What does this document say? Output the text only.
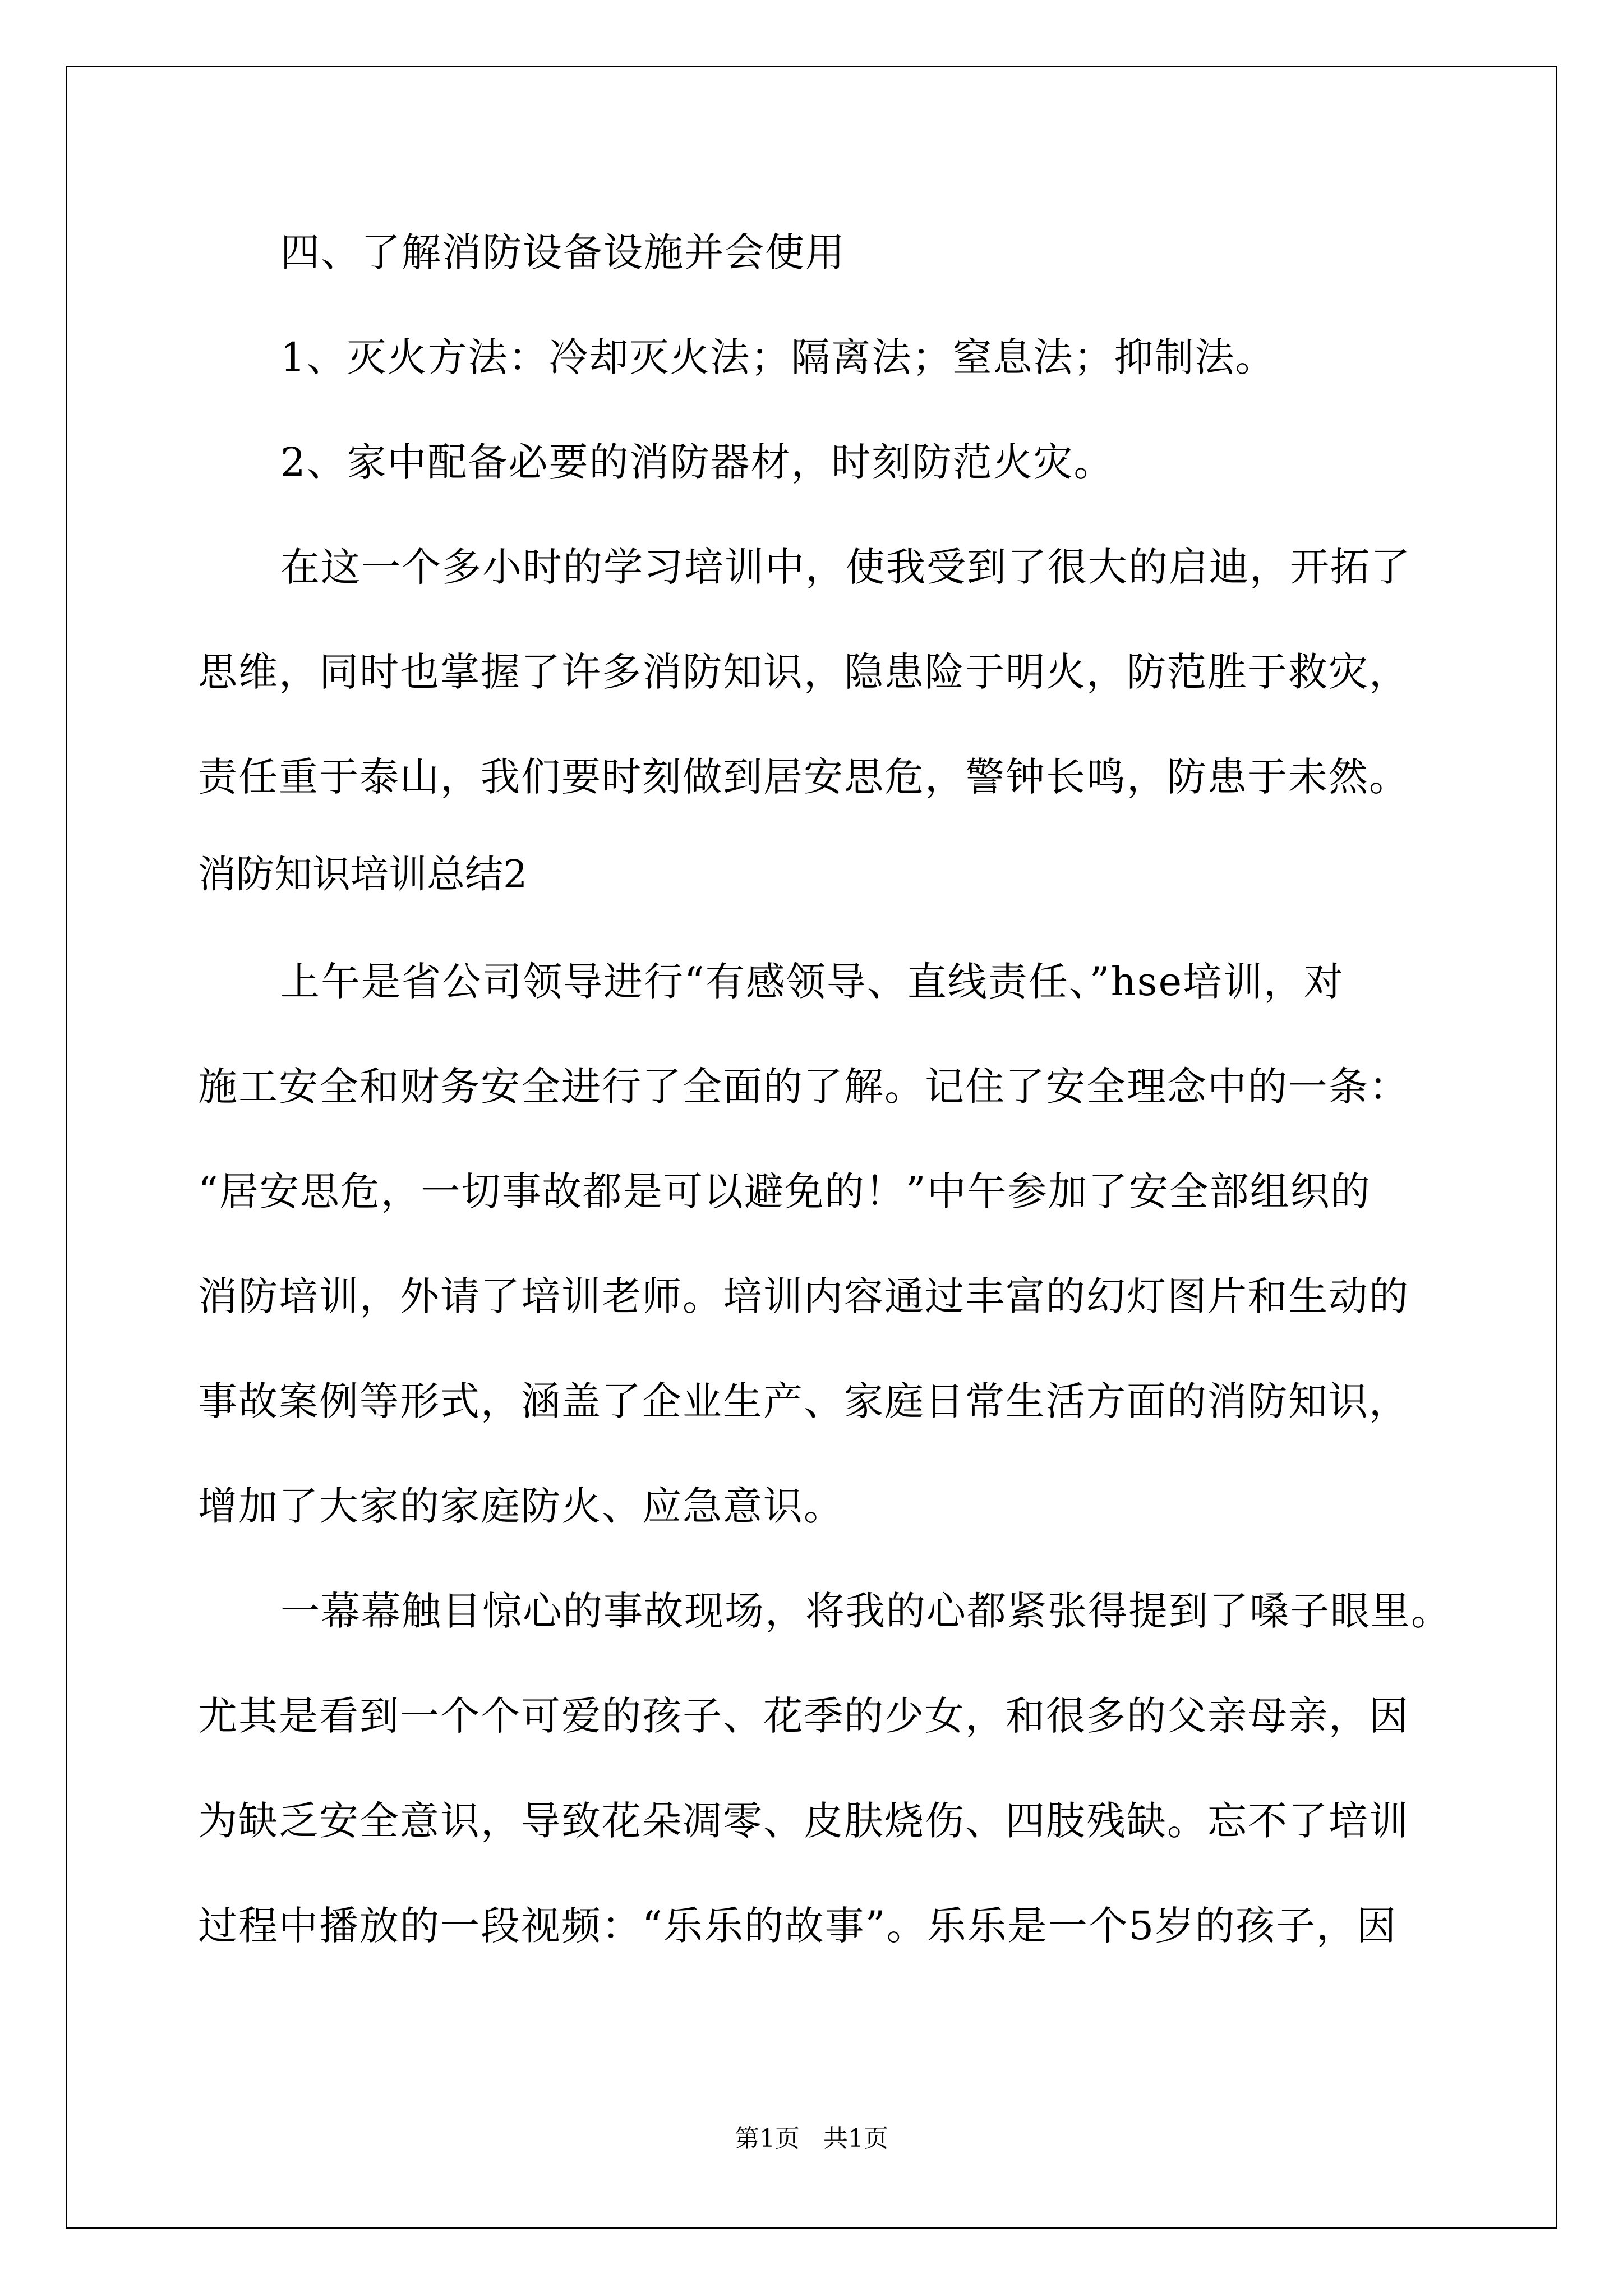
四、了解消防设备设施并会使用
1、灭火方法：冷却灭火法；隔离法；窒息法；抑制法。
2、家中配备必要的消防器材，时刻防范火灾。
在这一个多小时的学习培训中，使我受到了很大的启迪，开拓了
思维，同时也掌握了许多消防知识，隐患险于明火，防范胜于救灾，
责任重于泰山，我们要时刻做到居安思危，警钟长鸣，防患于未然。
消防知识培训总结2
上午是省公司领导进行“有感领导、直线责任、”hse培训，对
施工安全和财务安全进行了全面的了解。记住了安全理念中的一条：
“居安思危，一切事故都是可以避免的！”中午参加了安全部组织的
消防培训，外请了培训老师。培训内容通过丰富的幻灯图片和生动的
事故案例等形式，涵盖了企业生产、家庭日常生活方面的消防知识，
增加了大家的家庭防火、应急意识。
一幕幕触目惊心的事故现场，将我的心都紧张得提到了嗓子眼里。
尤其是看到一个个可爱的孩子、花季的少女，和很多的父亲母亲，因
为缺乏安全意识，导致花朵凋零、皮肤烧伤、四肢残缺。忘不了培训
过程中播放的一段视频：“乐乐的故事”。乐乐是一个5岁的孩子，因
第1页   共1页
